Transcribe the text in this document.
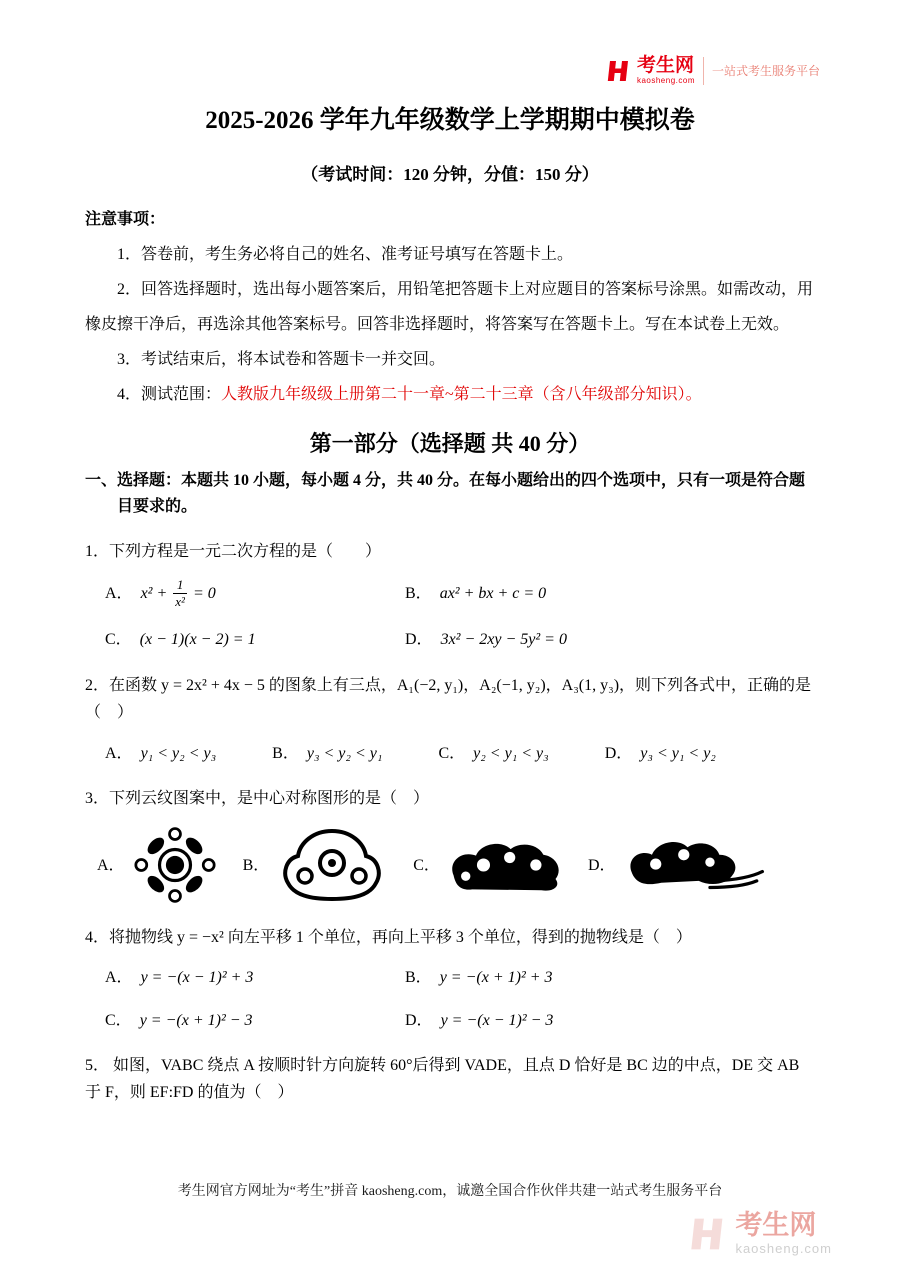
考生网
kaosheng.com
一站式考生服务平台
2025-2026 学年九年级数学上学期期中模拟卷
（考试时间：120 分钟，分值：150 分）
注意事项：

1．答卷前，考生务必将自己的姓名、准考证号填写在答题卡上。

2．回答选择题时，选出每小题答案后，用铅笔把答题卡上对应题目的答案标号涂黑。如需改动，用橡皮擦干净后，再选涂其他答案标号。回答非选择题时，将答案写在答题卡上。写在本试卷上无效。

3．考试结束后，将本试卷和答题卡一并交回。

4．测试范围：人教版九年级级上册第二十一章~第二十三章（含八年级部分知识）。

第一部分（选择题 共 40 分）

一、选择题：本题共 10 小题，每小题 4 分，共 40 分。在每小题给出的四个选项中，只有一项是符合题目要求的。

1．下列方程是一元二次方程的是（　　）

A． $x^2 + \frac{1}{\text{x²}} = 0$	B． ax² + bx + c = 0
C． (x − 1)(x − 2) = 1	D． 3x² − 2xy − 5y² = 0

2．在函数 y = 2x² + 4x − 5 的图象上有三点，A₁(−2, y₁)，A₂(−1, y₂)，A₃(1, y₃)，则下列各式中，正确的是（　）

A． y₁ < y₂ < y₃	B． y₃ < y₂ < y₁	C． y₂ < y₁ < y₃	D． y₃ < y₁ < y₂

3．下列云纹图案中，是中心对称图形的是（　）

A．	B．	C．	D．

4．将抛物线 y = −x² 向左平移 1 个单位，再向上平移 3 个单位，得到的抛物线是（　）

A． y = −(x − 1)² + 3	B． y = −(x + 1)² + 3
C． y = −(x + 1)² − 3	D． y = −(x − 1)² − 3

5． 如图，VABC 绕点 A 按顺时针方向旋转 60°后得到 VADE，且点 D 恰好是 BC 边的中点，DE 交 AB 于 F，则 EF:FD 的值为（　）

考生网官方网址为“考生”拼音 kaosheng.com，诚邀全国合作伙伴共建一站式考生服务平台
考生网
kaosheng.com
